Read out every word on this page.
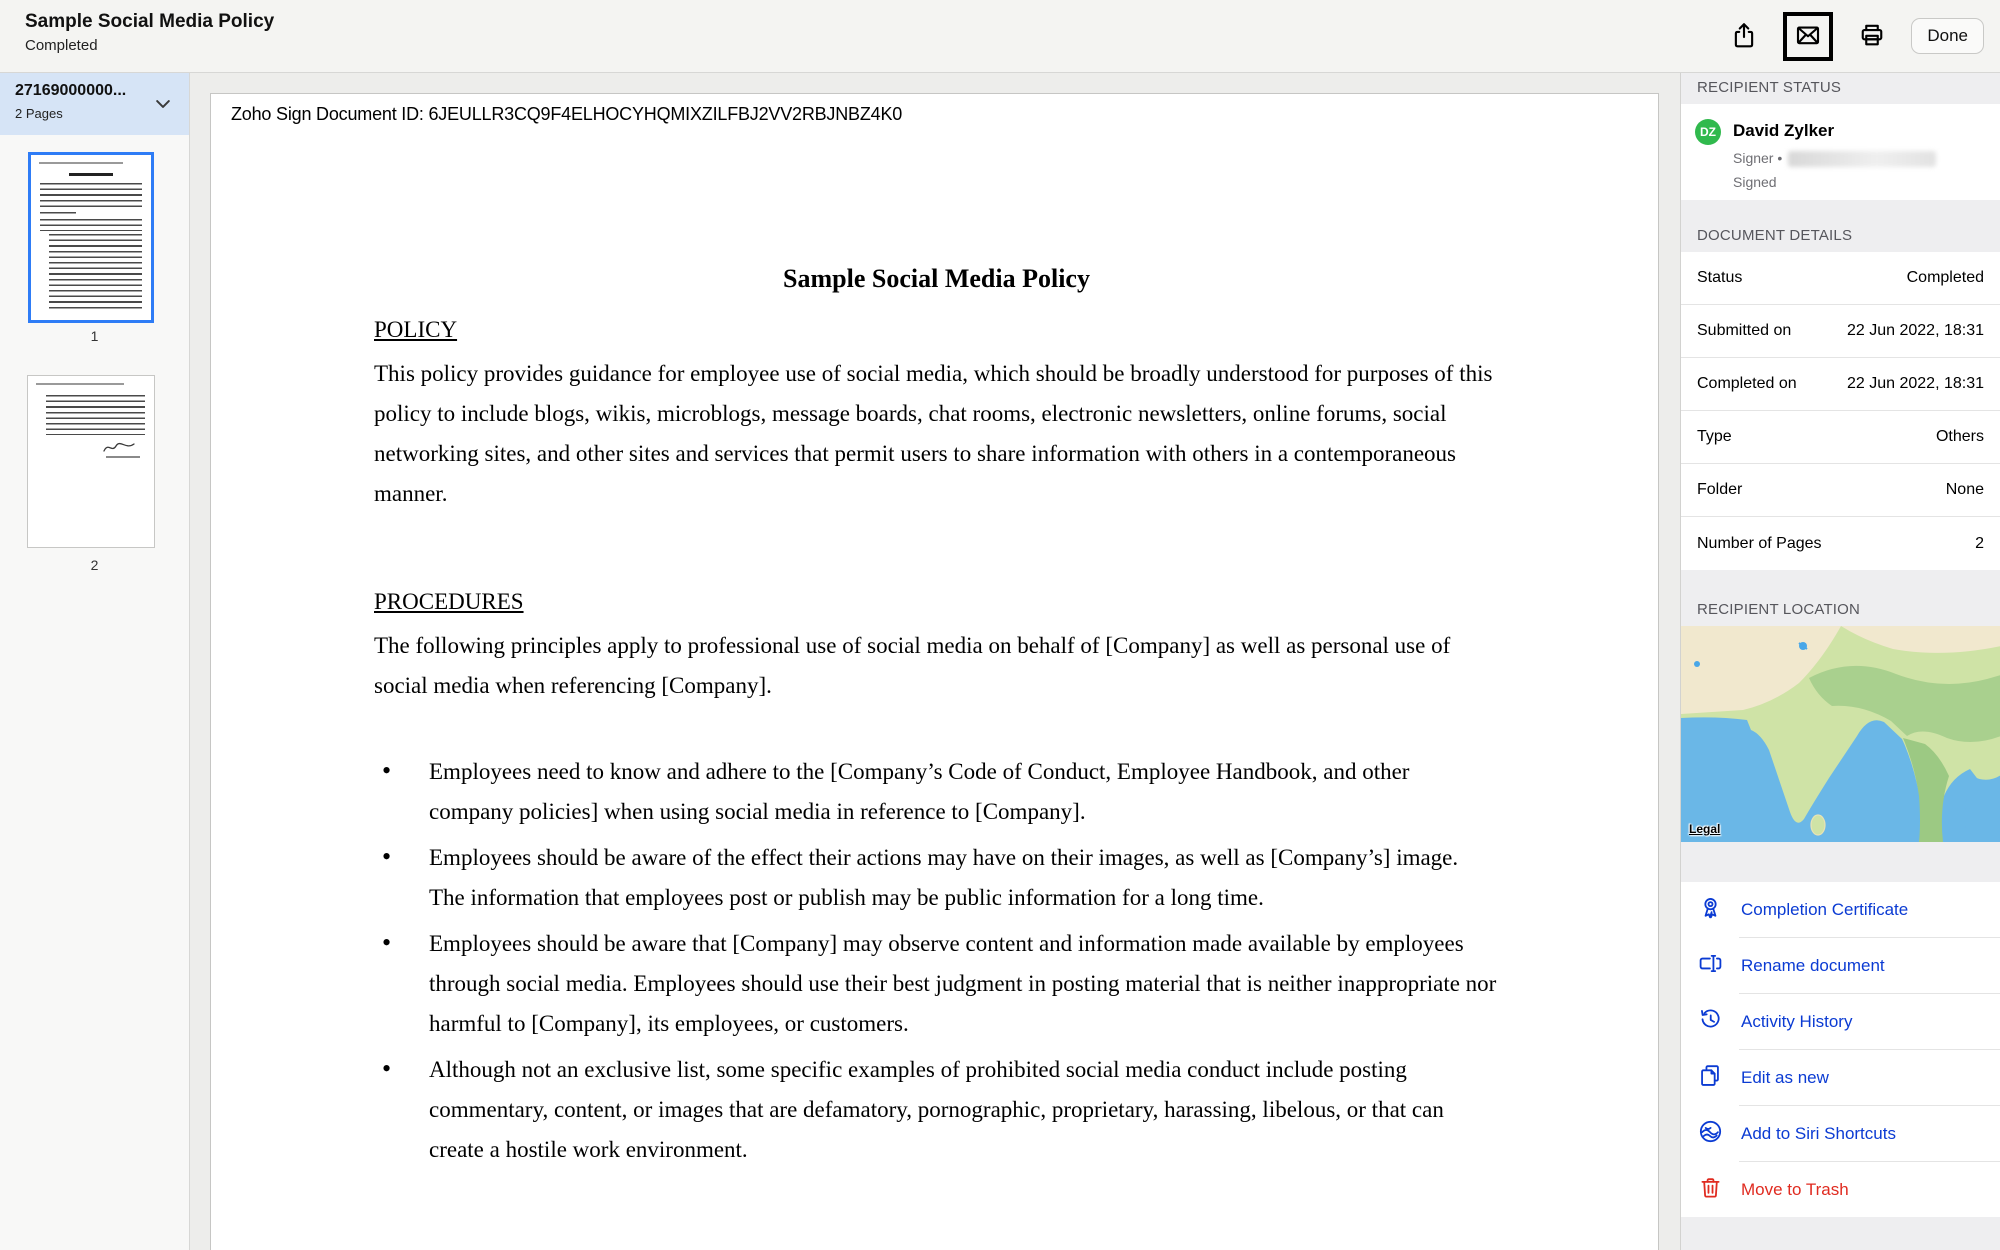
Sample Social Media Policy
Completed
Done
27169000000...
2 Pages
1
2
Zoho Sign Document ID: 6JEULLR3CQ9F4ELHOCYHQMIXZILFBJ2VV2RBJNBZ4K0
Sample Social Media Policy
POLICY

This policy provides guidance for employee use of social media, which should be broadly understood for purposes of this policy to include blogs, wikis, microblogs, message boards, chat rooms, electronic newsletters, online forums, social networking sites, and other sites and services that permit users to share information with others in a contemporaneous manner.

PROCEDURES

The following principles apply to professional use of social media on behalf of [Company] as well as personal use of social media when referencing [Company].

• Employees need to know and adhere to the [Company’s Code of Conduct, Employee Handbook, and other company policies] when using social media in reference to [Company].
• Employees should be aware of the effect their actions may have on their images, as well as [Company’s] image. The information that employees post or publish may be public information for a long time.
• Employees should be aware that [Company] may observe content and information made available by employees through social media. Employees should use their best judgment in posting material that is neither inappropriate nor harmful to [Company], its employees, or customers.
• Although not an exclusive list, some specific examples of prohibited social media conduct include posting commentary, content, or images that are defamatory, pornographic, proprietary, harassing, libelous, or that can create a hostile work environment.
RECIPIENT STATUS
DZ David Zylker
Signer •
Signed
DOCUMENT DETAILS
Status	Completed
Submitted on	22 Jun 2022, 18:31
Completed on	22 Jun 2022, 18:31
Type	Others
Folder	None
Number of Pages	2
RECIPIENT LOCATION
Legal
Completion Certificate
Rename document
Activity History
Edit as new
Add to Siri Shortcuts
Move to Trash
